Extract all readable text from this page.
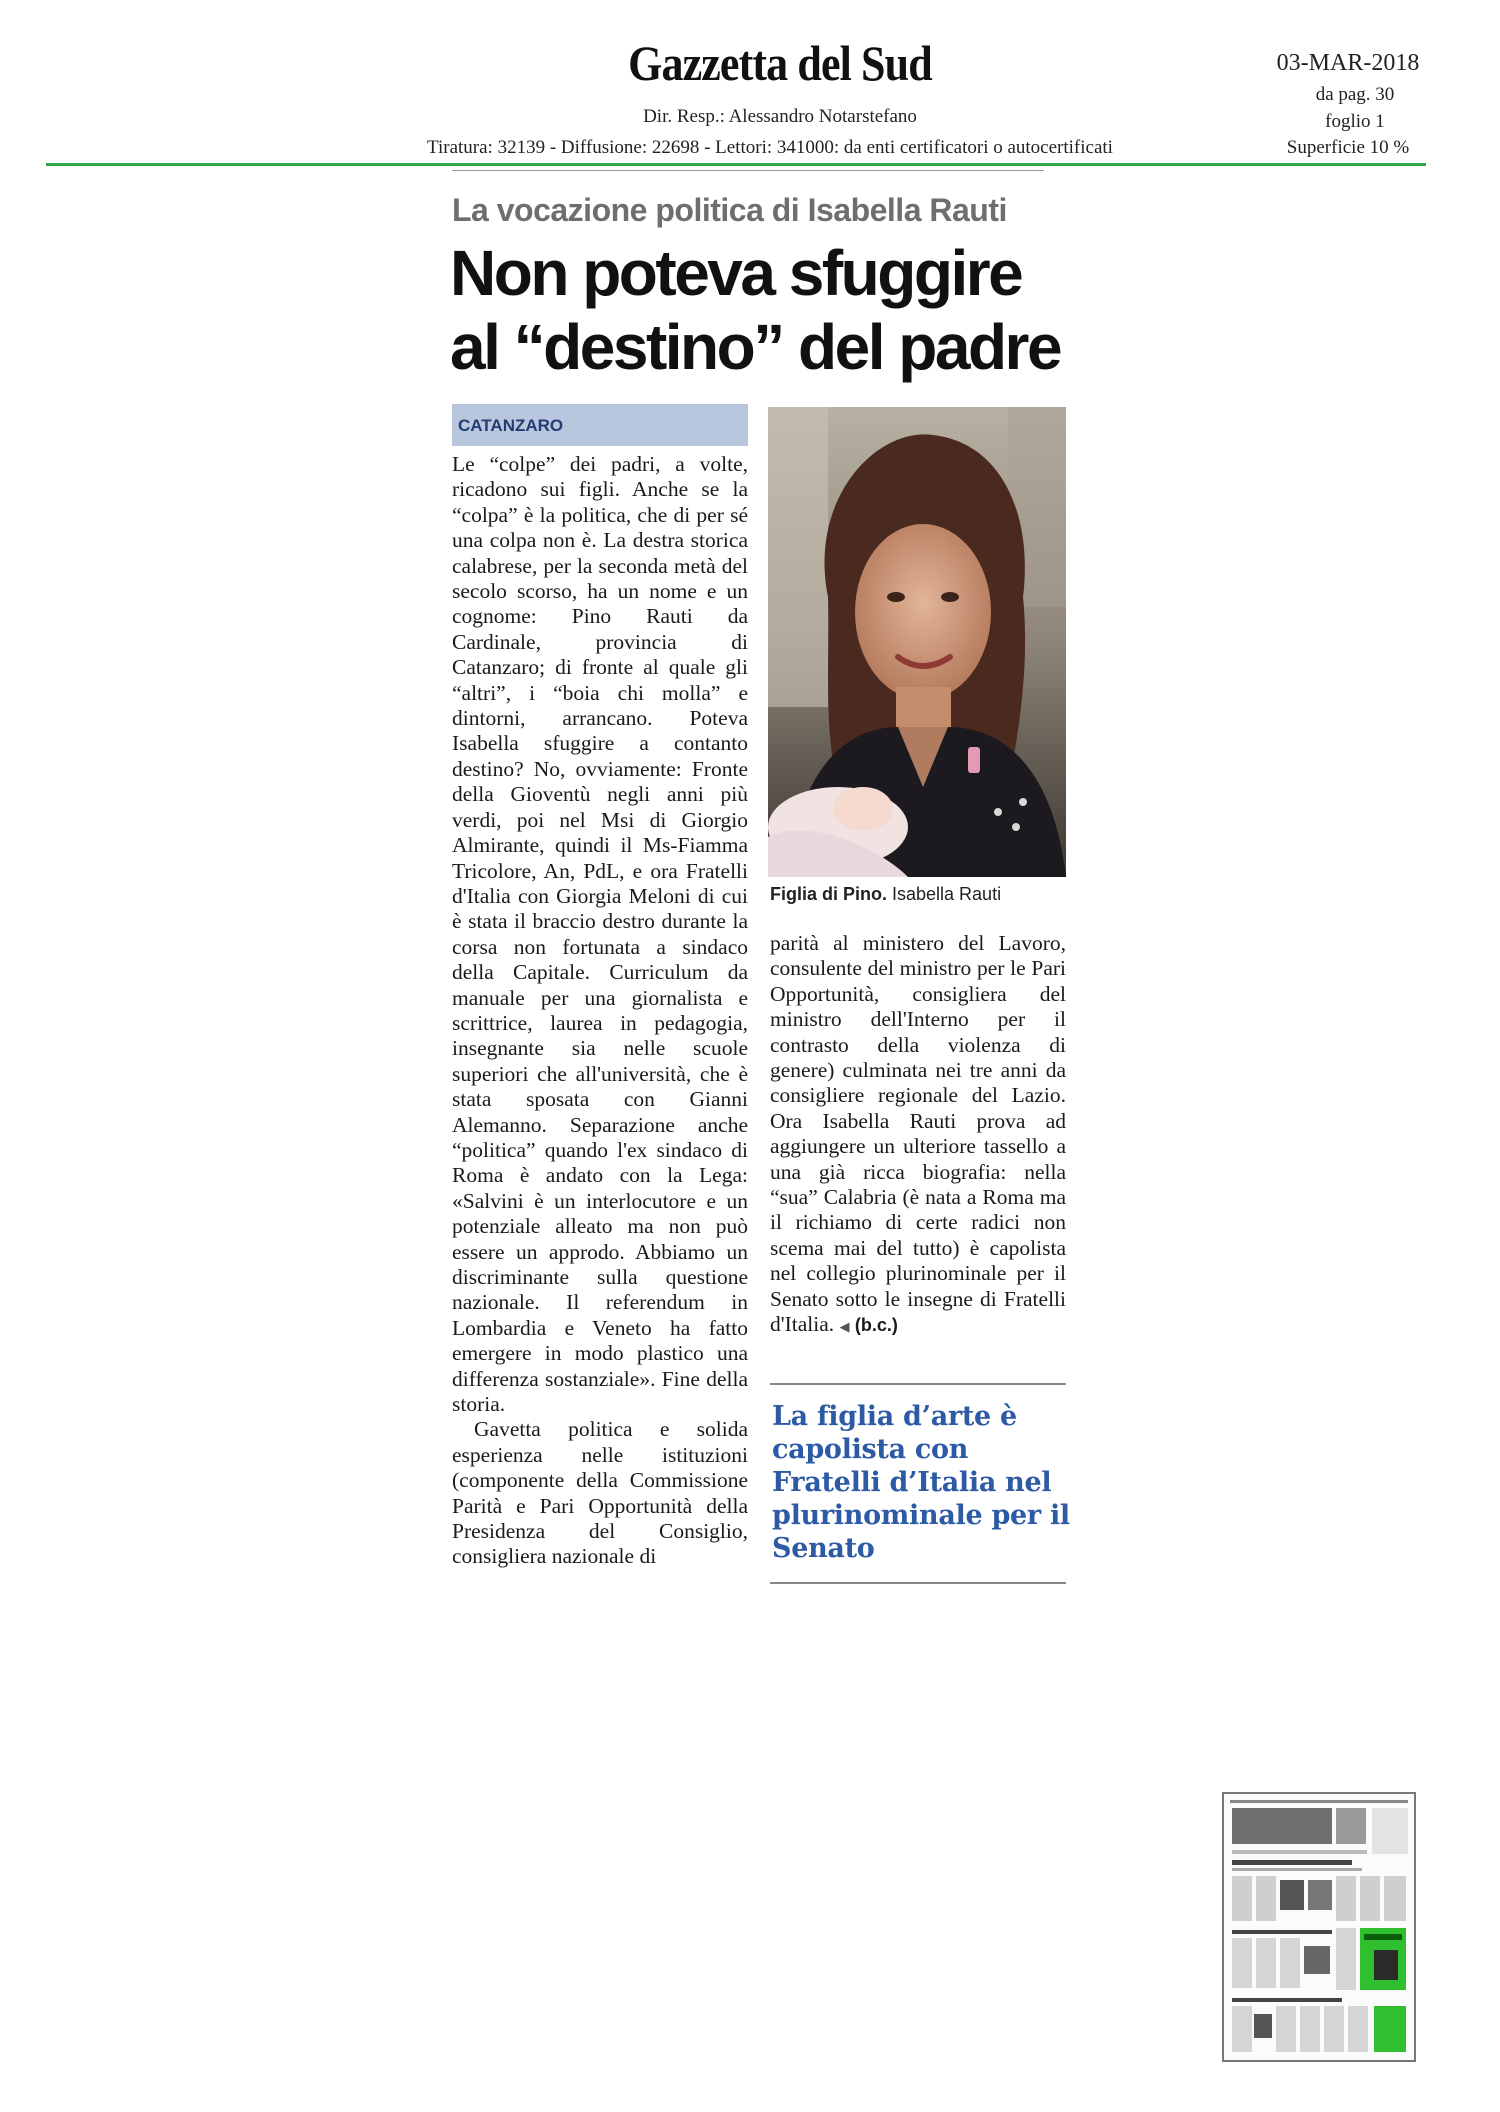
Gazzetta del Sud
Dir. Resp.: Alessandro Notarstefano
Tiratura: 32139 - Diffusione: 22698 - Lettori: 341000: da enti certificatori o autocertificati
03-MAR-2018
da pag. 30
foglio 1
Superficie 10 %
La vocazione politica di Isabella Rauti
Non poteva sfuggire
al “destino” del padre
CATANZARO

Le “colpe” dei padri, a volte, ricadono sui figli. Anche se la “colpa” è la politica, che di per sé una colpa non è. La destra storica calabrese, per la seconda metà del secolo scorso, ha un nome e un cognome: Pino Rauti da Cardinale, provincia di Catanzaro; di fronte al quale gli “altri”, i “boia chi molla” e dintorni, arrancano. Poteva Isabella sfuggire a contanto destino? No, ovviamente: Fronte della Gioventù negli anni più verdi, poi nel Msi di Giorgio Almirante, quindi il Ms-Fiamma Tricolore, An, PdL, e ora Fratelli d'Italia con Giorgia Meloni di cui è stata il braccio destro durante la corsa non fortunata a sindaco della Capitale. Curriculum da manuale per una giornalista e scrittrice, laurea in pedagogia, insegnante sia nelle scuole superiori che all'università, che è stata sposata con Gianni Alemanno. Separazione anche “politica” quando l'ex sindaco di Roma è andato con la Lega: «Salvini è un interlocutore e un potenziale alleato ma non può essere un approdo. Abbiamo un discriminante sulla questione nazionale. Il referendum in Lombardia e Veneto ha fatto emergere in modo plastico una differenza sostanziale». Fine della storia.

Gavetta politica e solida esperienza nelle istituzioni (componente della Commissione Parità e Pari Opportunità della Presidenza del Consiglio, consigliera nazionale di

Figlia di Pino. Isabella Rauti

parità al ministero del Lavoro, consulente del ministro per le Pari Opportunità, consigliera del ministro dell'Interno per il contrasto della violenza di genere) culminata nei tre anni da consigliere regionale del Lazio. Ora Isabella Rauti prova ad aggiungere un ulteriore tassello a una già ricca biografia: nella “sua” Calabria (è nata a Roma ma il richiamo di certe radici non scema mai del tutto) è capolista nel collegio plurinominale per il Senato sotto le insegne di Fratelli d'Italia. ◀ (b.c.)

La figlia d’arte è capolista con Fratelli d’Italia nel plurinominale per il Senato
